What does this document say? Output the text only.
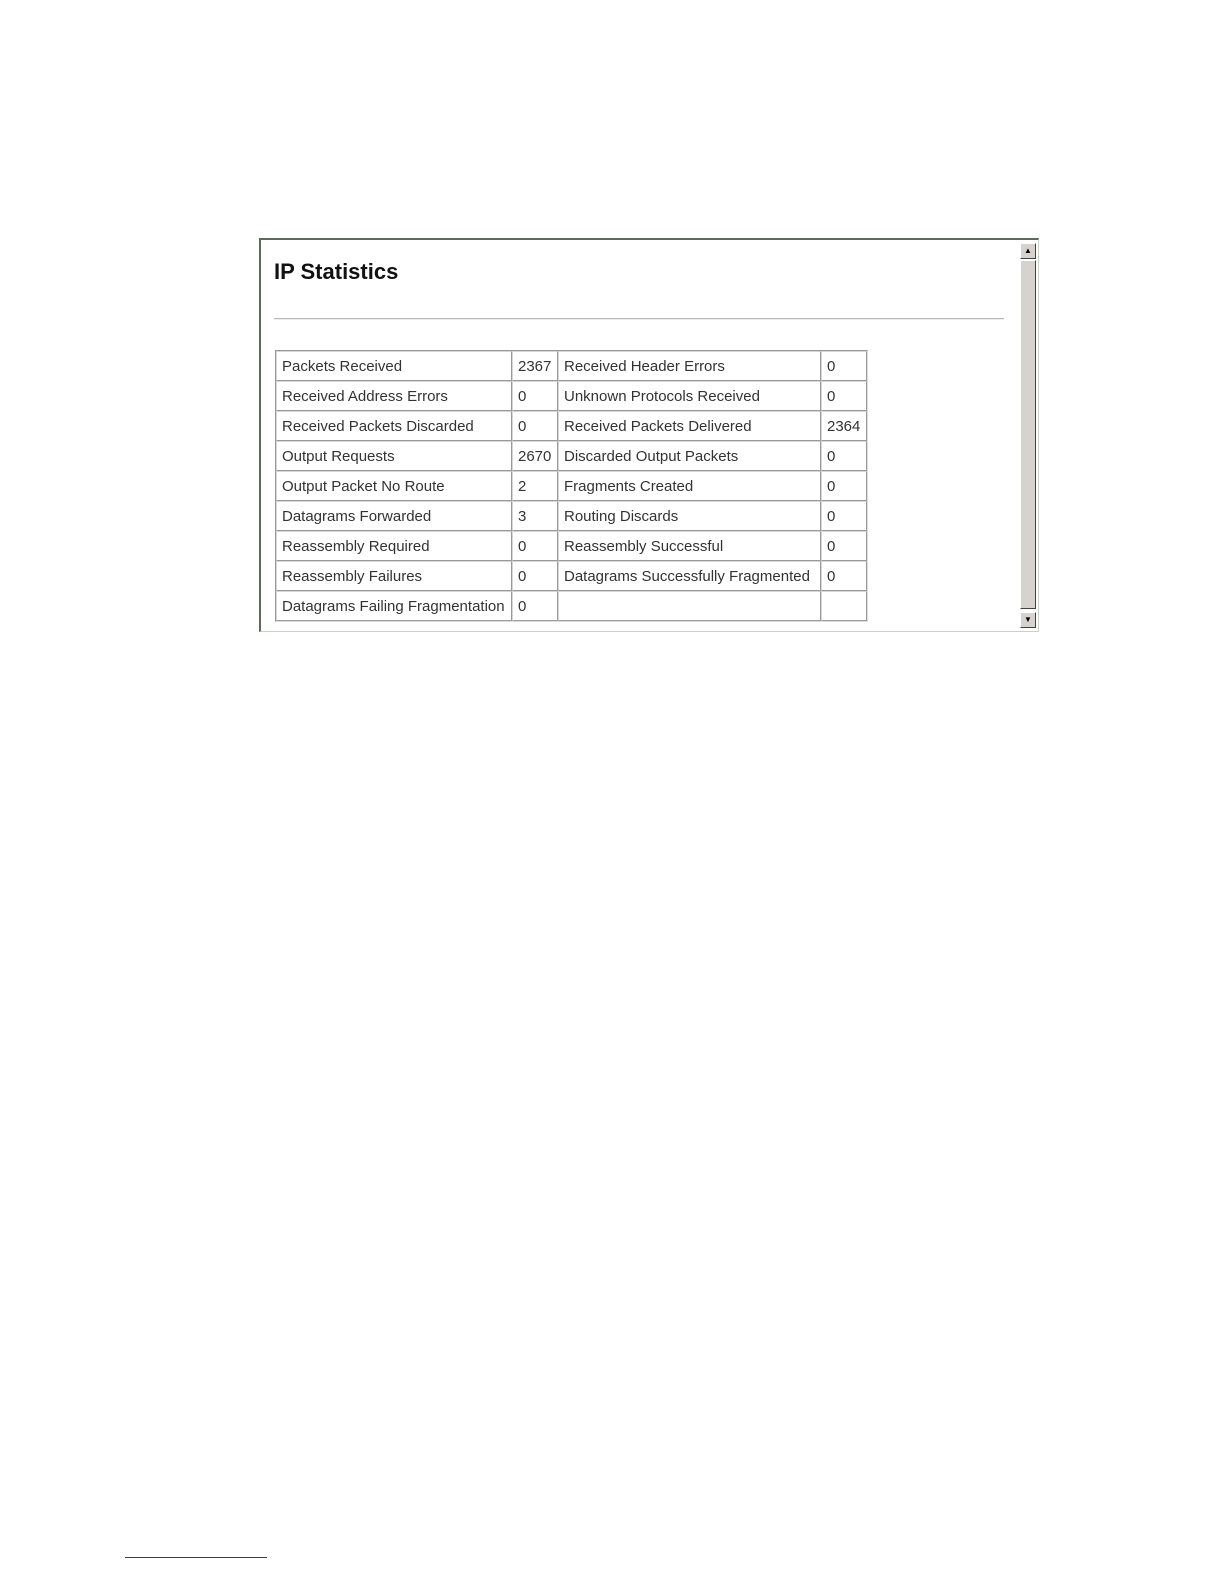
IP Statistics
Packets Received	2367	Received Header Errors	0
Received Address Errors	0	Unknown Protocols Received	0
Received Packets Discarded	0	Received Packets Delivered	2364
Output Requests	2670	Discarded Output Packets	0
Output Packet No Route	2	Fragments Created	0
Datagrams Forwarded	3	Routing Discards	0
Reassembly Required	0	Reassembly Successful	0
Reassembly Failures	0	Datagrams Successfully Fragmented	0
Datagrams Failing Fragmentation	0		
▲
▼
